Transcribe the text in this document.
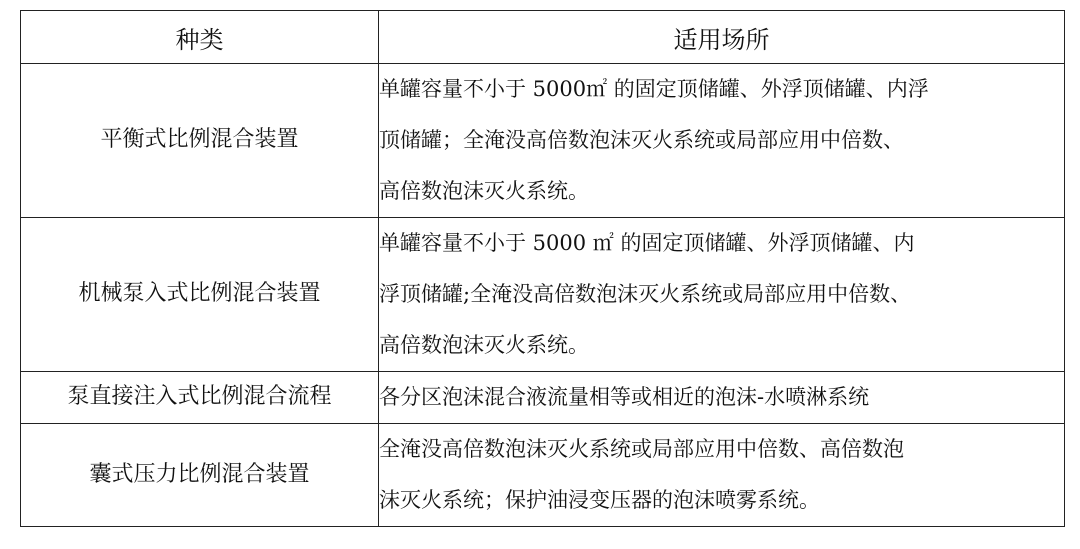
种类	适用场所
平衡式比例混合装置	单罐容量不小于 5000㎡ 的固定顶储罐、外浮顶储罐、内浮
顶储罐；全淹没高倍数泡沫灭火系统或局部应用中倍数、
高倍数泡沫灭火系统。

机械泵入式比例混合装置	单罐容量不小于 5000 ㎡ 的固定顶储罐、外浮顶储罐、内
浮顶储罐;全淹没高倍数泡沫灭火系统或局部应用中倍数、
高倍数泡沫灭火系统。

泵直接注入式比例混合流程	各分区泡沫混合液流量相等或相近的泡沫-水喷淋系统

囊式压力比例混合装置	全淹没高倍数泡沫灭火系统或局部应用中倍数、高倍数泡
沫灭火系统；保护油浸变压器的泡沫喷雾系统。
